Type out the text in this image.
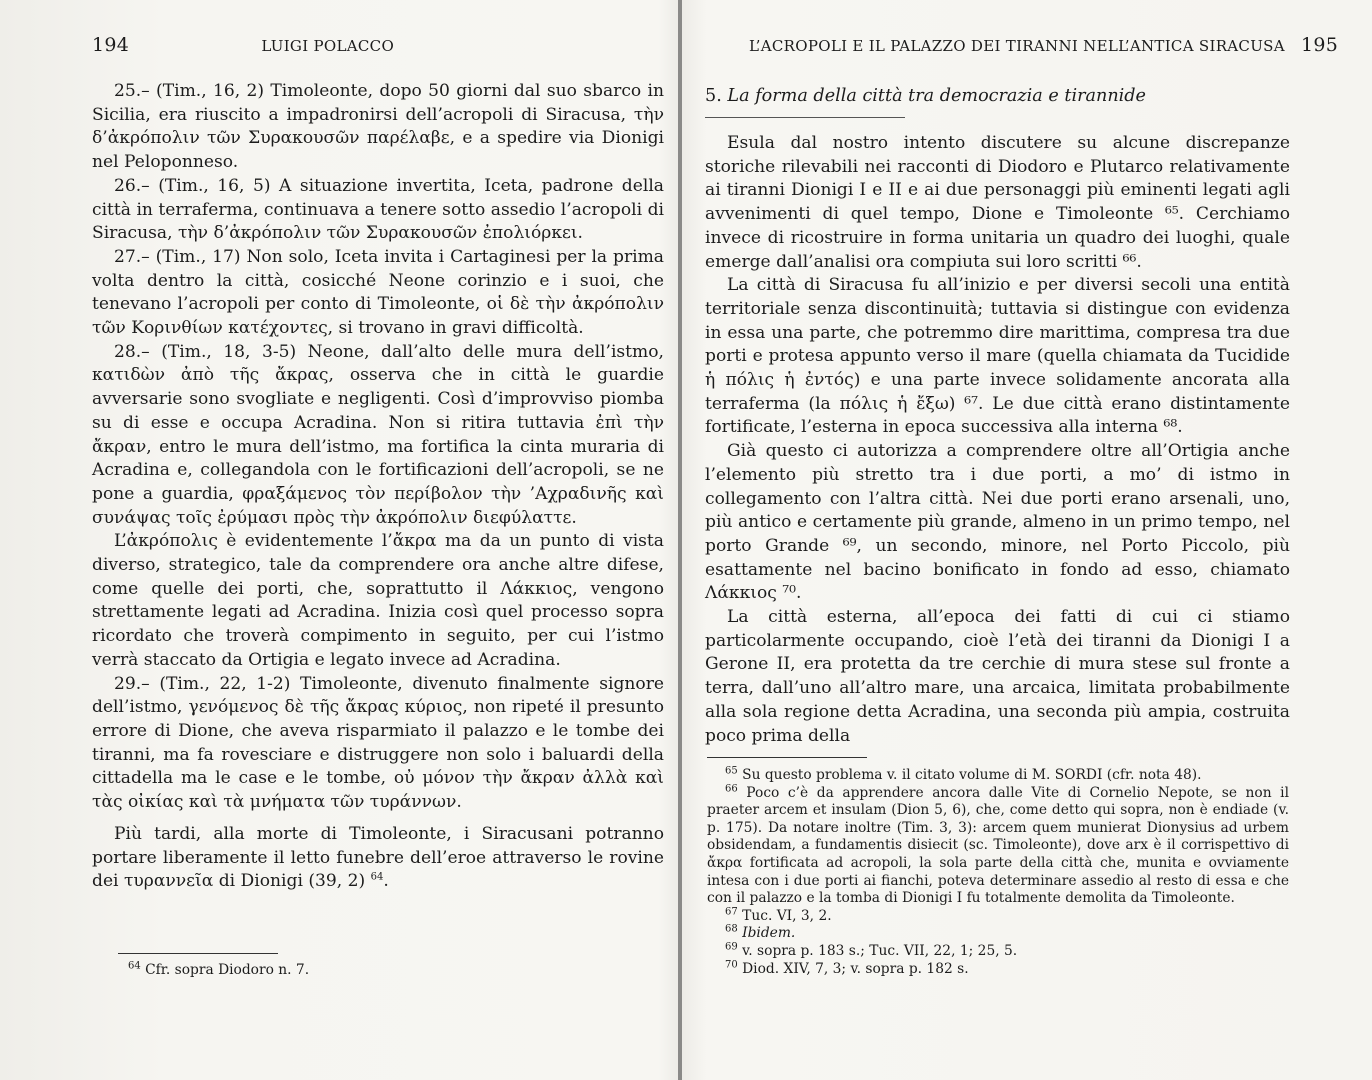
194	LUIGI POLACCO

25.– (Tim., 16, 2) Timoleonte, dopo 50 giorni dal suo sbarco in Sicilia, era riuscito a impadronirsi dell’acropoli di Siracusa, τὴν δ’ἀκρόπολιν τῶν Συρακουσῶν παρέλαβε, e a spedire via Dionigi nel Peloponneso.

26.– (Tim., 16, 5) A situazione invertita, Iceta, padrone della città in terraferma, continuava a tenere sotto assedio l’acropoli di Siracusa, τὴν δ’ἀκρόπολιν τῶν Συρακουσῶν ἐπολιόρκει.

27.– (Tim., 17) Non solo, Iceta invita i Cartaginesi per la prima volta dentro la città, cosicché Neone corinzio e i suoi, che tenevano l’acropoli per conto di Timoleonte, οἱ δὲ τὴν ἀκρόπολιν τῶν Κορινθίων κατέχοντες, si trovano in gravi difficoltà.

28.– (Tim., 18, 3-5) Neone, dall’alto delle mura dell’istmo, κατιδὼν ἀπὸ τῆς ἄκρας, osserva che in città le guardie avversarie sono svogliate e negligenti. Così d’improvviso piomba su di esse e occupa Acradina. Non si ritira tuttavia ἐπὶ τὴν ἄκραν, entro le mura dell’istmo, ma fortifica la cinta muraria di Acradina e, collegandola con le fortificazioni dell’acropoli, se ne pone a guardia, φραξάμενος τὸν περίβολον τὴν ’Αχραδινῆς καὶ συνάψας τοῖς ἐρύμασι πρὸς τὴν ἀκρόπολιν διεφύλαττε.

L’ἀκρόπολις è evidentemente l’ἄκρα ma da un punto di vista diverso, strategico, tale da comprendere ora anche altre difese, come quelle dei porti, che, soprattutto il Λάκκιος, vengono strettamente legati ad Acradina. Inizia così quel processo sopra ricordato che troverà compimento in seguito, per cui l’istmo verrà staccato da Ortigia e legato invece ad Acradina.

29.– (Tim., 22, 1-2) Timoleonte, divenuto finalmente signore dell’istmo, γενόμενος δὲ τῆς ἄκρας κύριος, non ripeté il presunto errore di Dione, che aveva risparmiato il palazzo e le tombe dei tiranni, ma fa rovesciare e distruggere non solo i baluardi della cittadella ma le case e le tombe, οὐ μόνον τὴν ἄκραν ἀλλὰ καὶ τὰς οἰκίας καὶ τὰ μνήματα τῶν τυράννων.

Più tardi, alla morte di Timoleonte, i Siracusani potranno portare liberamente il letto funebre dell’eroe attraverso le rovine dei τυραννεῖα di Dionigi (39, 2) $^{64}$.

$^{64}$ Cfr. sopra Diodoro n. 7.
L’ACROPOLI E IL PALAZZO DEI TIRANNI NELL’ANTICA SIRACUSA 195
5. La forma della città tra democrazia e tirannide

Esula dal nostro intento discutere su alcune discrepanze storiche rilevabili nei racconti di Diodoro e Plutarco relativamente ai tiranni Dionigi I e II e ai due personaggi più eminenti legati agli avvenimenti di quel tempo, Dione e Timoleonte ⁶⁵. Cerchiamo invece di ricostruire in forma unitaria un quadro dei luoghi, quale emerge dall’analisi ora compiuta sui loro scritti ⁶⁶.

La città di Siracusa fu all’inizio e per diversi secoli una entità territoriale senza discontinuità; tuttavia si distingue con evidenza in essa una parte, che potremmo dire marittima, compresa tra due porti e protesa appunto verso il mare (quella chiamata da Tucidide ἡ πόλις ἡ ἐντός) e una parte invece solidamente ancorata alla terraferma (la πόλις ἡ ἔξω) ⁶⁷. Le due città erano distintamente fortificate, l’esterna in epoca successiva alla interna ⁶⁸.

Già questo ci autorizza a comprendere oltre all’Ortigia anche l’elemento più stretto tra i due porti, a mo’ di istmo in collegamento con l’altra città. Nei due porti erano arsenali, uno, più antico e certamente più grande, almeno in un primo tempo, nel porto Grande ⁶⁹, un secondo, minore, nel Porto Piccolo, più esattamente nel bacino bonificato in fondo ad esso, chiamato Λάκκιος ⁷⁰.

La città esterna, all’epoca dei fatti di cui ci stiamo particolarmente occupando, cioè l’età dei tiranni da Dionigi I a Gerone II, era protetta da tre cerchie di mura stese sul fronte a terra, dall’uno all’altro mare, una arcaica, limitata probabilmente alla sola regione detta Acradina, una seconda più ampia, costruita poco prima della

$^{65}$ Su questo problema v. il citato volume di M. SORDI (cfr. nota 48).

$^{66}$ Poco c’è da apprendere ancora dalle Vite di Cornelio Nepote, se non il praeter arcem et insulam (Dion 5, 6), che, come detto qui sopra, non è endiade (v. p. 175). Da notare inoltre (Tim. 3, 3): arcem quem munierat Dionysius ad urbem obsidendam, a fundamentis disiecit (sc. Timoleonte), dove arx è il corrispettivo di ἄκρα fortificata ad acropoli, la sola parte della città che, munita e ovviamente intesa con i due porti ai fianchi, poteva determinare assedio al resto di essa e che con il palazzo e la tomba di Dionigi I fu totalmente demolita da Timoleonte.

$^{67}$ Tuc. VI, 3, 2.

$^{68}$ Ibidem.

$^{69}$ v. sopra p. 183 s.; Tuc. VII, 22, 1; 25, 5.

$^{70}$ Diod. XIV, 7, 3; v. sopra p. 182 s.
